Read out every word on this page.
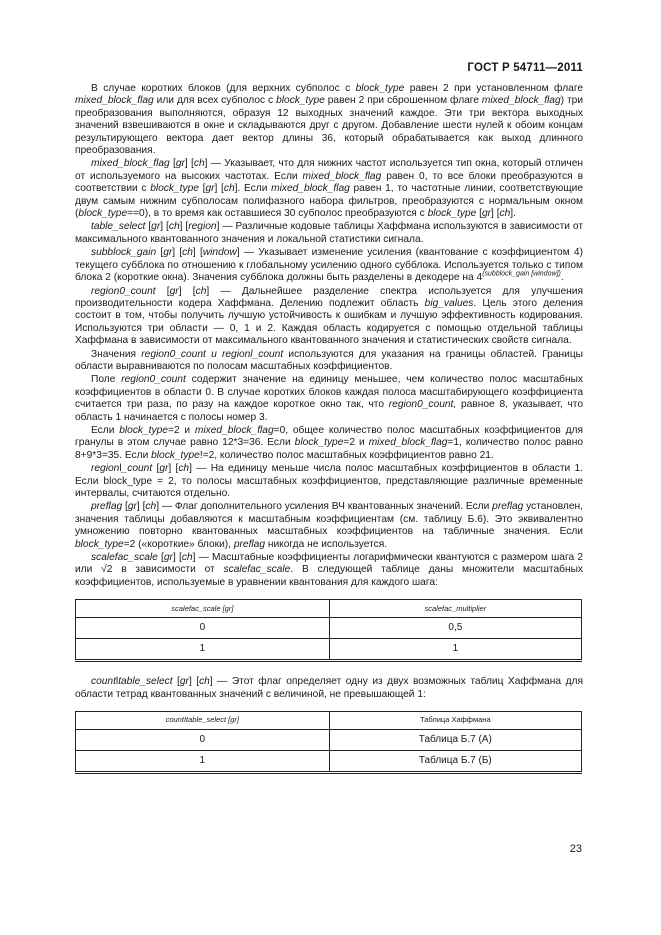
ГОСТ Р 54711—2011

В случае коротких блоков (для верхних субполос с block_type равен 2 при установленном флаге mixed_block_flag или для всех субполос с block_type равен 2 при сброшенном флаге mixed_block_flag) три преобразования выполняются, образуя 12 выходных значений каждое. Эти три вектора выходных значений взвешиваются в окне и складываются друг с другом. Добавление шести нулей к обоим концам результирующего вектора дает вектор длины 36, который обрабатывается как выход длинного преобразования.

mixed_block_flag [gr] [ch] — Указывает, что для нижних частот используется тип окна, который отличен от используемого на высоких частотах. Если mixed_block_flag равен 0, то все блоки преобразуются в соответствии с block_type [gr] [ch]. Если mixed_block_flag равен 1, то частотные линии, соответствующие двум самым нижним субполосам полифазного набора фильтров, преобразуются с нормальным окном (block_type==0), в то время как оставшиеся 30 субполос преобразуются с block_type [gr] [ch].

table_select [gr] [ch] [region] — Различные кодовые таблицы Хаффмана используются в зависимости от максимального квантованного значения и локальной статистики сигнала.

subblock_gain [gr] [ch] [window] — Указывает изменение усиления (квантование с коэффициентом 4) текущего субблока по отношению к глобальному усилению одного субблока. Используется только с типом блока 2 (короткие окна). Значения субблока должны быть разделены в декодере на $4^{(subblock\_gain [window])}$.

region0_count [gr] [ch] — Дальнейшее разделение спектра используется для улучшения производительности кодера Хаффмана. Делению подлежит область big_values. Цель этого деления состоит в том, чтобы получить лучшую устойчивость к ошибкам и лучшую эффективность кодирования. Используются три области — 0, 1 и 2. Каждая область кодируется с помощью отдельной таблицы Хаффмана в зависимости от максимального квантованного значения и статистических свойств сигнала.

Значения region0_count и regionl_count используются для указания на границы областей. Границы области выравниваются по полосам масштабных коэффициентов.

Поле region0_count содержит значение на единицу меньшее, чем количество полос масштабных коэффициентов в области 0. В случае коротких блоков каждая полоса масштабирующего коэффициента считается три раза, по разу на каждое короткое окно так, что region0_count, равное 8, указывает, что область 1 начинается с полосы номер 3.

Если block_type=2 и mixed_block_flag=0, общее количество полос масштабных коэффициентов для гранулы в этом случае равно 12*3=36. Если block_type=2 и mixed_block_flag=1, количество полос равно 8+9*3=35. Если block_type!=2, количество полос масштабных коэффициентов равно 21.

regionl_count [gr] [ch] — На единицу меньше числа полос масштабных коэффициентов в области 1. Если block_type = 2, то полосы масштабных коэффициентов, представляющие различные временные интервалы, считаются отдельно.

preflag [gr] [ch] — Флаг дополнительного усиления ВЧ квантованных значений. Если preflag установлен, значения таблицы добавляются к масштабным коэффициентам (см. таблицу Б.6). Это эквивалентно умножению повторно квантованных масштабных коэффициентов на табличные значения. Если block_type=2 («короткие» блоки), preflag никогда не используется.

scalefac_scale [gr] [ch] — Масштабные коэффициенты логарифмически квантуются с размером шага 2 или √2 в зависимости от scalefac_scale. В следующей таблице даны множители масштабных коэффициентов, используемые в уравнении квантования для каждого шага:

scalefac_scale [gr]	scalefac_multiplier
0	0,5
1	1

countltable_select [gr] [ch] — Этот флаг определяет одну из двух возможных таблиц Хаффмана для области тетрад квантованных значений с величиной, не превышающей 1:

countItable_select [gr]	Таблица Хаффмана
0	Таблица Б.7 (А)
1	Таблица Б.7 (Б)
23
